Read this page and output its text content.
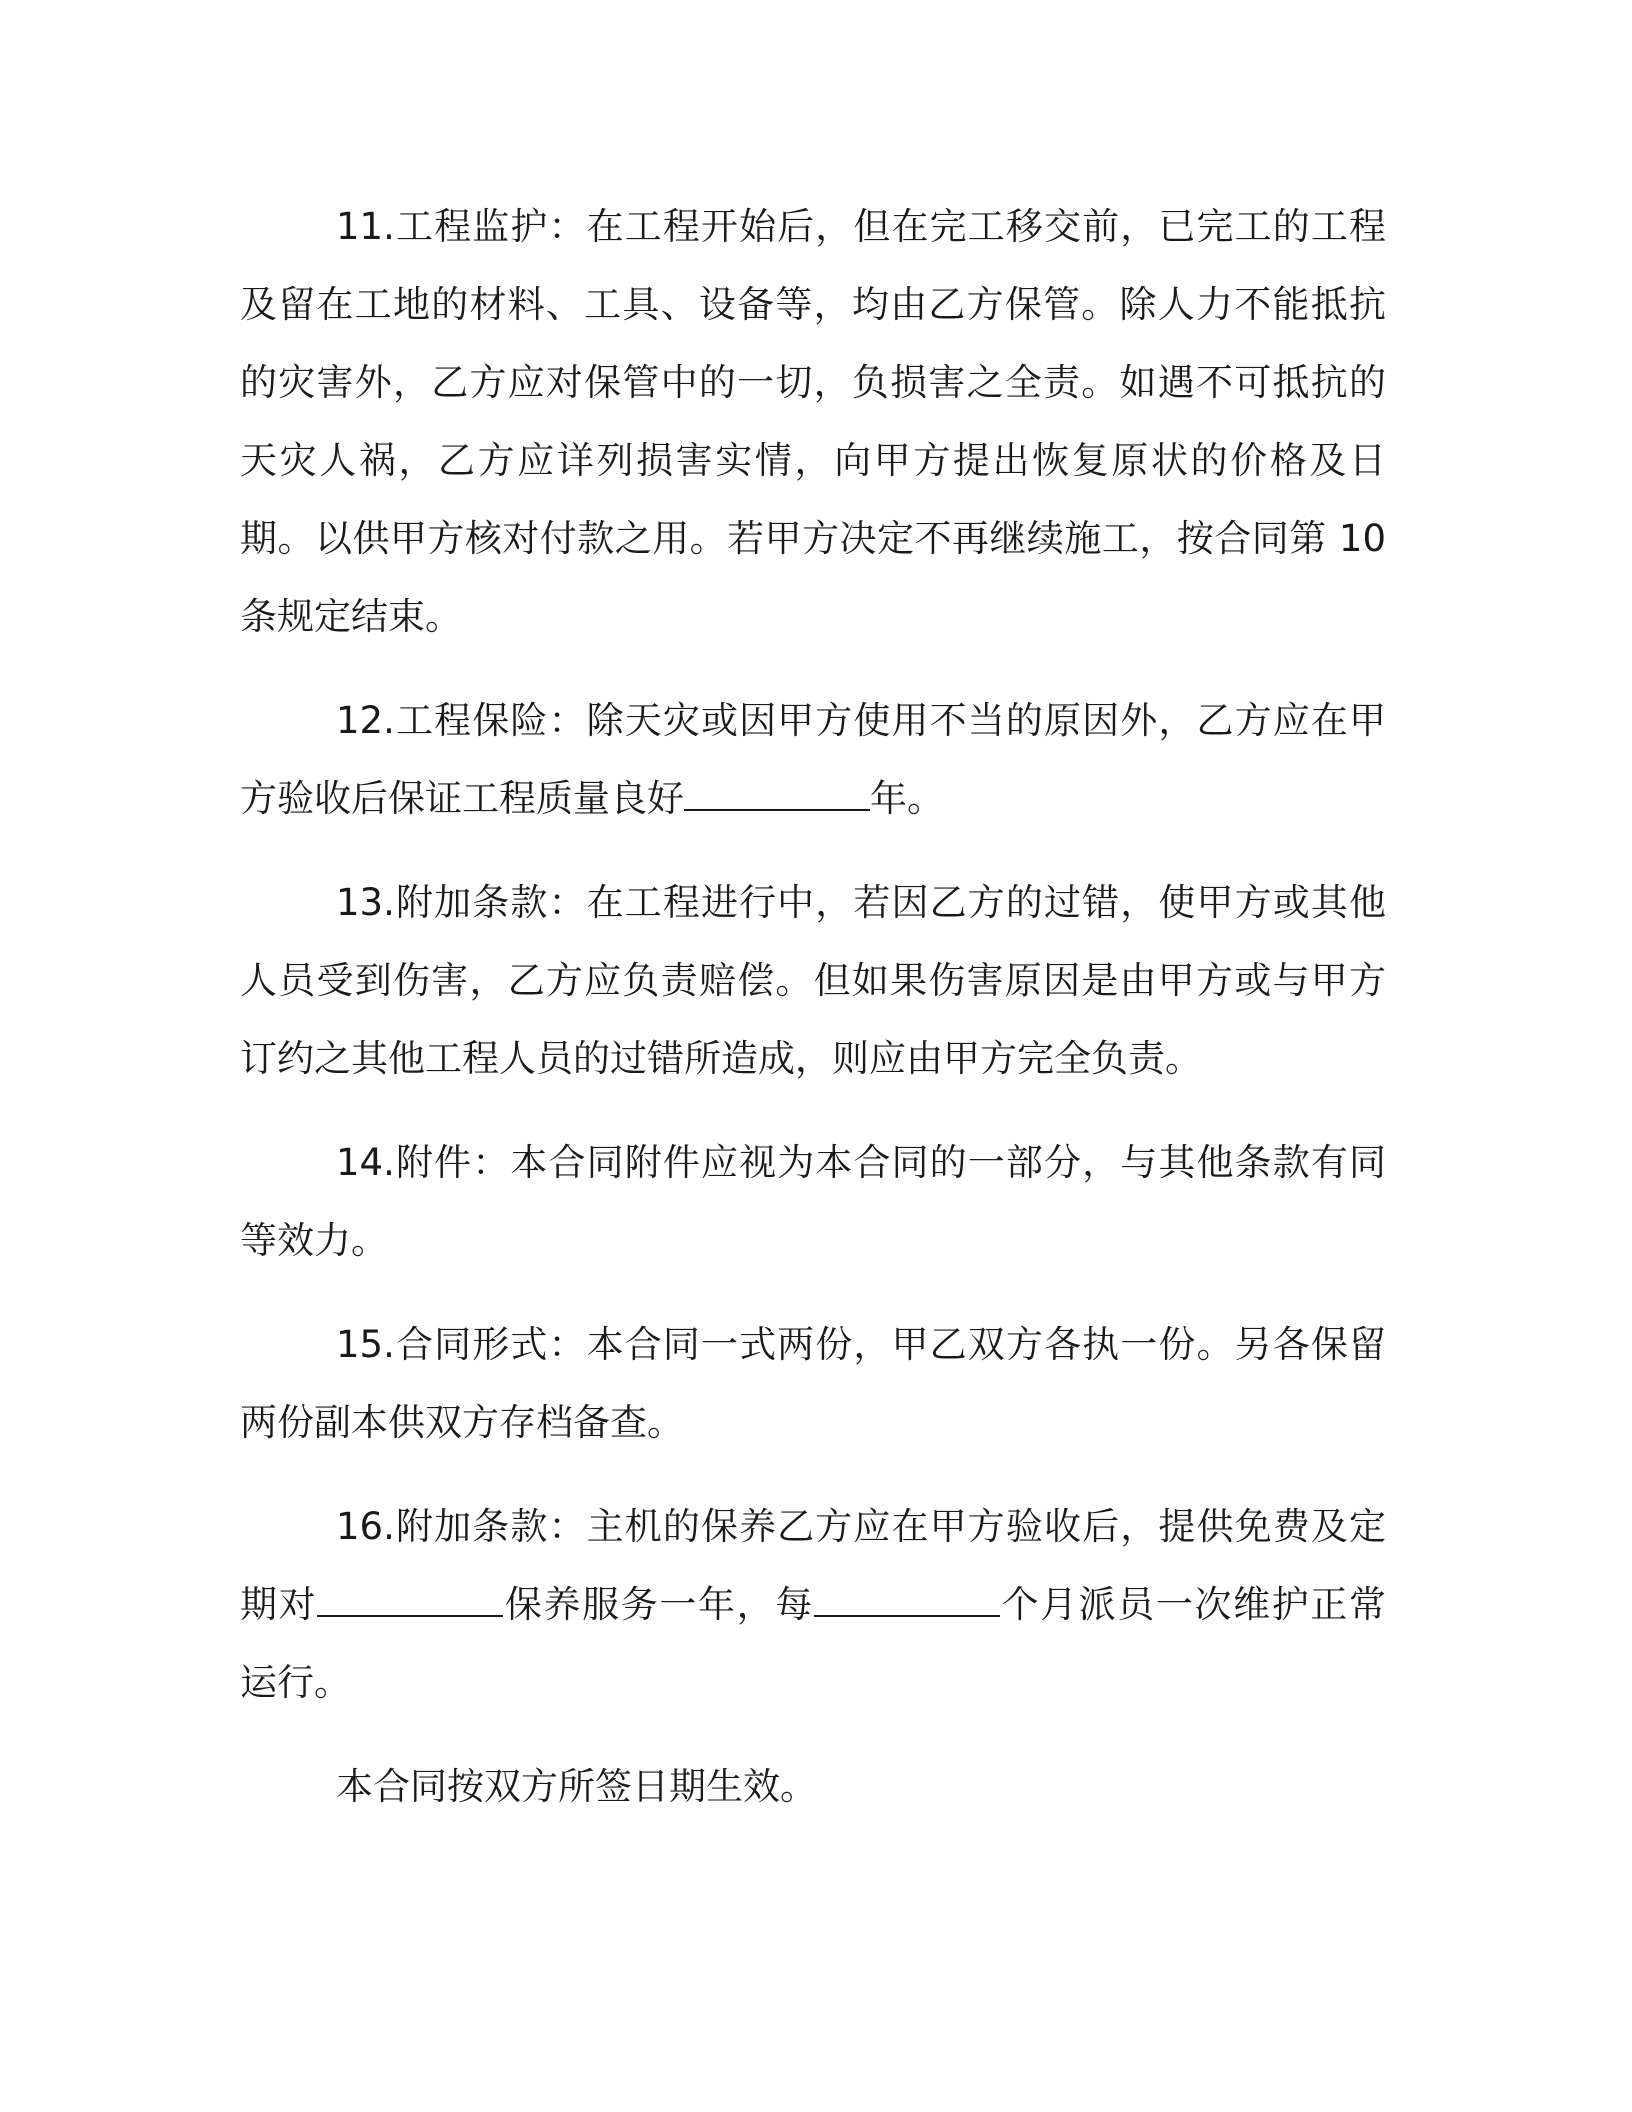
11.工程监护：在工程开始后，但在完工移交前，已完工的工程及留在工地的材料、工具、设备等，均由乙方保管。除人力不能抵抗的灾害外，乙方应对保管中的一切，负损害之全责。如遇不可抵抗的天灾人祸，乙方应详列损害实情，向甲方提出恢复原状的价格及日期。以供甲方核对付款之用。若甲方决定不再继续施工，按合同第 10 条规定结束。

12.工程保险：除天灾或因甲方使用不当的原因外，乙方应在甲方验收后保证工程质量良好	年。

13.附加条款：在工程进行中，若因乙方的过错，使甲方或其他人员受到伤害，乙方应负责赔偿。但如果伤害原因是由甲方或与甲方订约之其他工程人员的过错所造成，则应由甲方完全负责。

14.附件：本合同附件应视为本合同的一部分，与其他条款有同等效力。

15.合同形式：本合同一式两份，甲乙双方各执一份。另各保留两份副本供双方存档备查。

16.附加条款：主机的保养乙方应在甲方验收后，提供免费及定期对	保养服务一年，每	个月派员一次维护正常运行。

本合同按双方所签日期生效。
